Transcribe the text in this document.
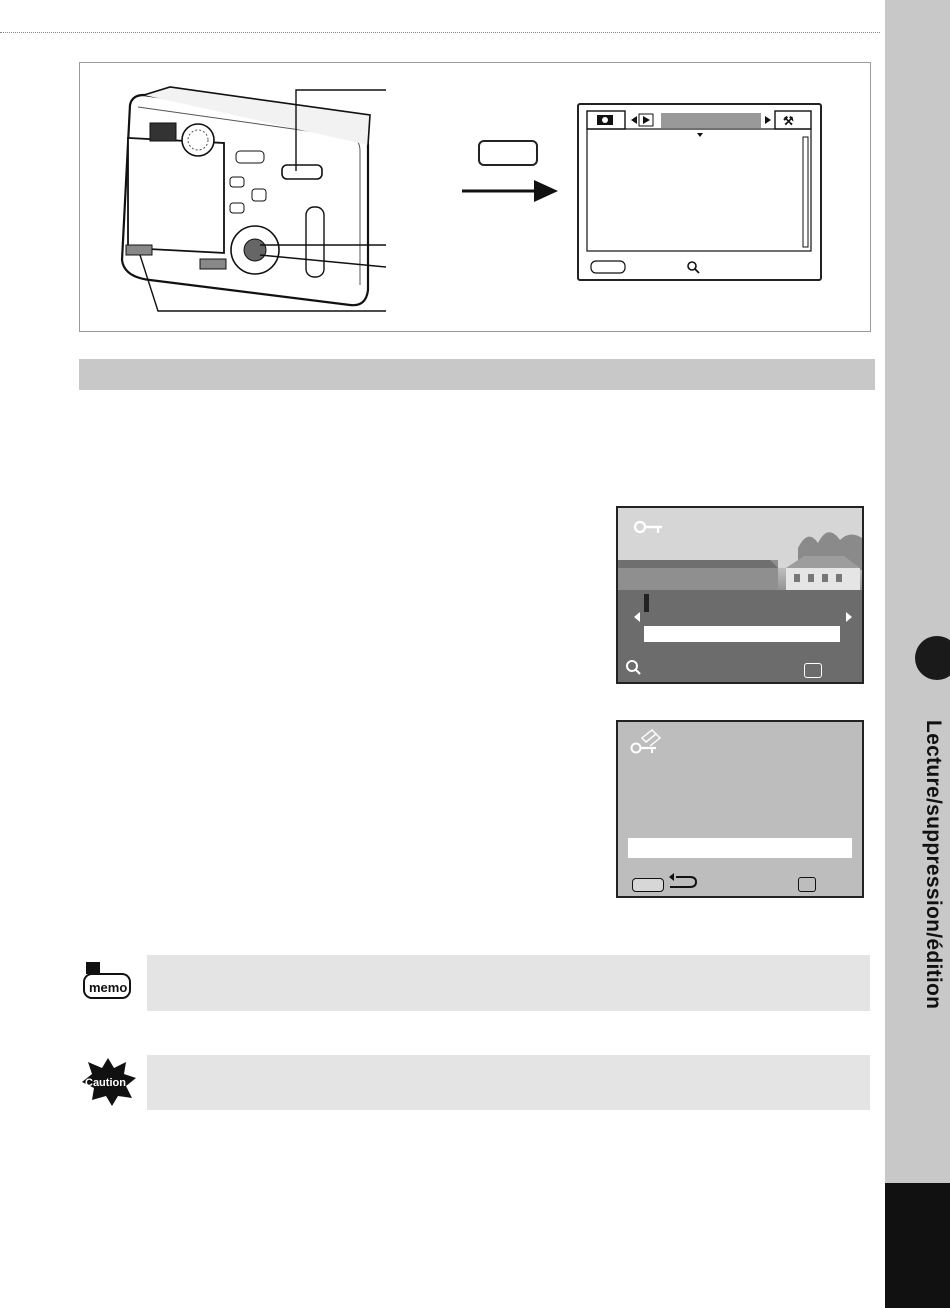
Lecture/suppression/édition
⚒
memo
Caution
